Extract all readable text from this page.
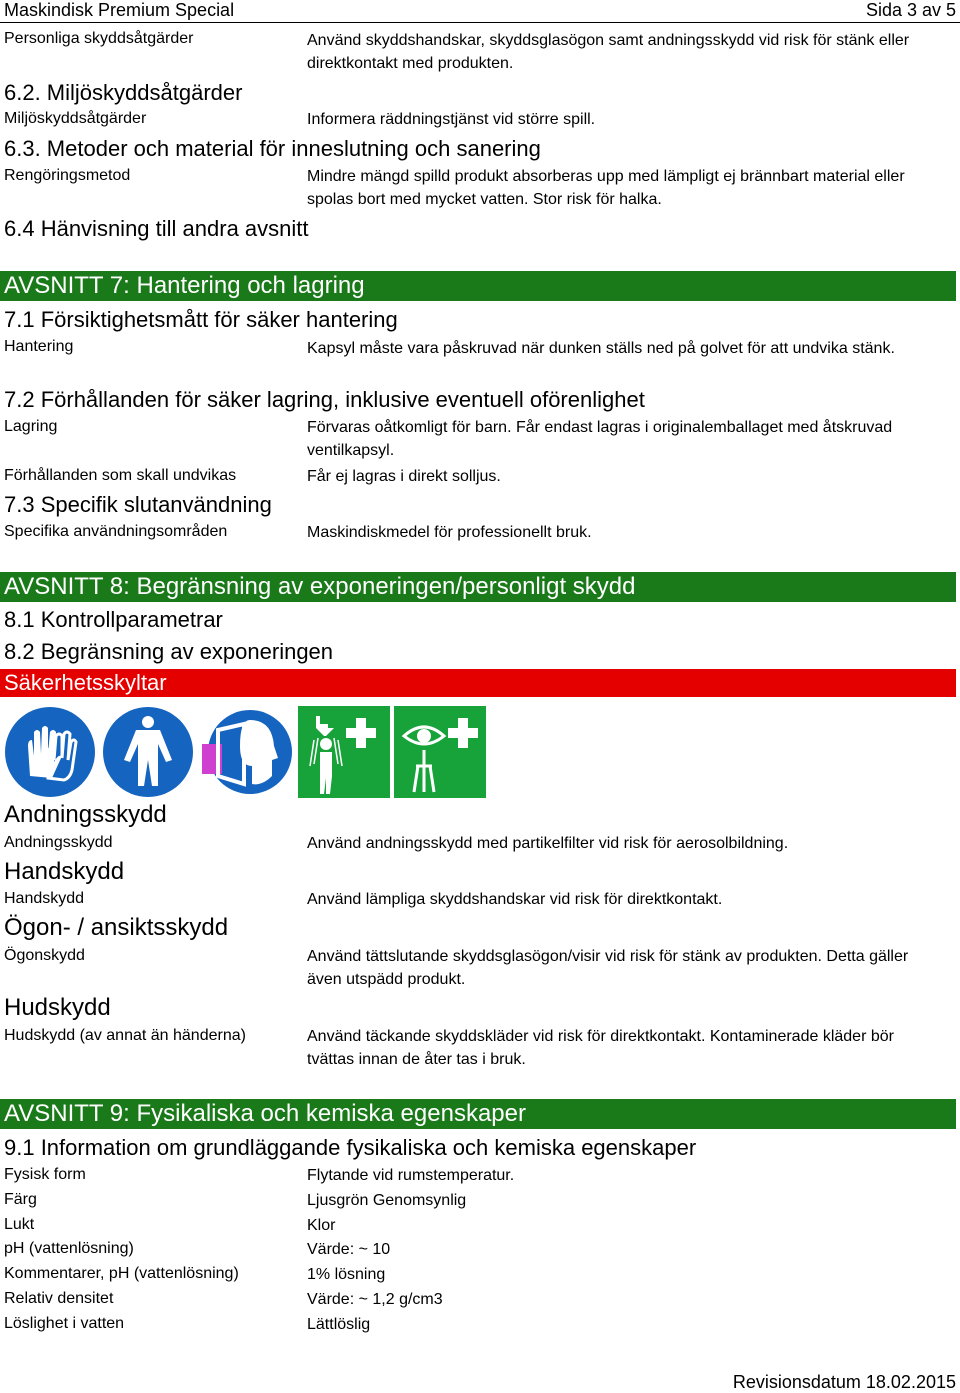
Maskindisk Premium Special	Sida 3 av 5
Personliga skyddsåtgärder	Använd skyddshandskar, skyddsglasögon samt andningsskydd vid risk för stänk eller direktkontakt med produkten.
6.2. Miljöskyddsåtgärder
Miljöskyddsåtgärder	Informera räddningstjänst vid större spill.
6.3. Metoder och material för inneslutning och sanering
Rengöringsmetod	Mindre mängd spilld produkt absorberas upp med lämpligt ej brännbart material eller spolas bort med mycket vatten. Stor risk för halka.
6.4 Hänvisning till andra avsnitt
AVSNITT 7: Hantering och lagring
7.1 Försiktighetsmått för säker hantering
Hantering	Kapsyl måste vara påskruvad när dunken ställs ned på golvet för att undvika stänk.
7.2 Förhållanden för säker lagring, inklusive eventuell oförenlighet
Lagring	Förvaras oåtkomligt för barn. Får endast lagras i originalemballaget med åtskruvad ventilkapsyl.
Förhållanden som skall undvikas	Får ej lagras i direkt solljus.
7.3 Specifik slutanvändning
Specifika användningsområden	Maskindiskmedel för professionellt bruk.
AVSNITT 8: Begränsning av exponeringen/personligt skydd
8.1 Kontrollparametrar
8.2 Begränsning av exponeringen
Säkerhetsskyltar
Andningsskydd
Andningsskydd	Använd andningsskydd med partikelfilter vid risk för aerosolbildning.
Handskydd
Handskydd	Använd lämpliga skyddshandskar vid risk för direktkontakt.
Ögon- / ansiktsskydd
Ögonskydd	Använd tättslutande skyddsglasögon/visir vid risk för stänk av produkten. Detta gäller även utspädd produkt.
Hudskydd
Hudskydd (av annat än händerna)	Använd täckande skyddskläder vid risk för direktkontakt. Kontaminerade kläder bör tvättas innan de åter tas i bruk.
AVSNITT 9: Fysikaliska och kemiska egenskaper
9.1 Information om grundläggande fysikaliska och kemiska egenskaper
Fysisk form	Flytande vid rumstemperatur.
Färg	Ljusgrön Genomsynlig
Lukt	Klor
pH (vattenlösning)	Värde: ~ 10
Kommentarer, pH (vattenlösning)	1% lösning
Relativ densitet	Värde: ~ 1,2 g/cm3
Löslighet i vatten	Lättlöslig
Revisionsdatum 18.02.2015
